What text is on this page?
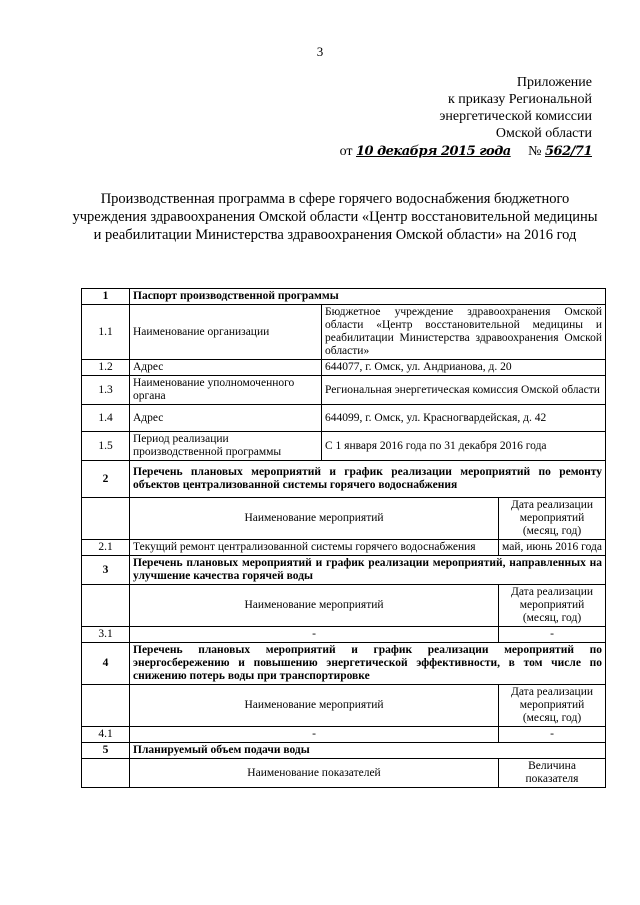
3
Приложение
к приказу Региональной
энергетической комиссии
Омской области
от 10 декабря 2015 года № 562/71
Производственная программа в сфере горячего водоснабжения бюджетного учреждения здравоохранения Омской области «Центр восстановительной медицины и реабилитации Министерства здравоохранения Омской области» на 2016 год
1	Паспорт производственной программы		
1.1	Наименование организации	Бюджетное учреждение здравоохранения Омской области «Центр восстановительной медицины и реабилитации Министерства здравоохранения Омской области»	
1.2	Адрес	644077, г. Омск, ул. Андрианова, д. 20	
1.3	Наименование уполномоченного органа	Региональная энергетическая комиссия Омской области	
1.4	Адрес	644099, г. Омск, ул. Красногвардейская, д. 42	
1.5	Период реализации производственной программы	С 1 января 2016 года по 31 декабря 2016 года	
2	Перечень плановых мероприятий и график реализации мероприятий по ремонту объектов централизованной системы горячего водоснабжения		
	Наименование мероприятий		Дата реализации мероприятий (месяц, год)
2.1	Текущий ремонт централизованной системы горячего водоснабжения		май, июнь 2016 года
3	Перечень плановых мероприятий и график реализации мероприятий, направленных на улучшение качества горячей воды		
	Наименование мероприятий		Дата реализации мероприятий (месяц, год)
3.1	-		-
4	Перечень плановых мероприятий и график реализации мероприятий по энергосбережению и повышению энергетической эффективности, в том числе по снижению потерь воды при транспортировке		
	Наименование мероприятий		Дата реализации мероприятий (месяц, год)
4.1	-		-
5	Планируемый объем подачи воды		
	Наименование показателей		Величина показателя
